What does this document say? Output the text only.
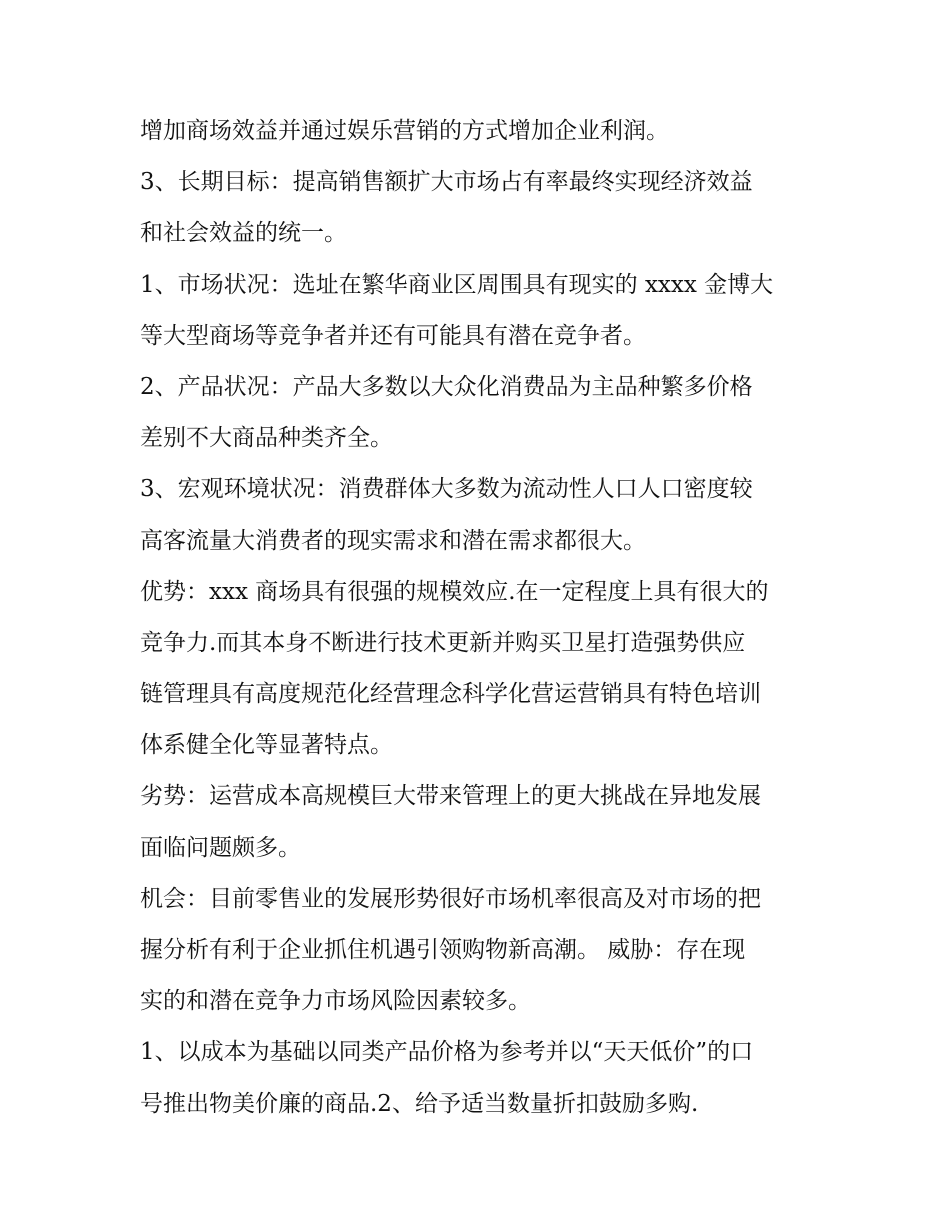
增加商场效益并通过娱乐营销的方式增加企业利润。
3、长期目标：提高销售额扩大市场占有率最终实现经济效益
和社会效益的统一。
1、市场状况：选址在繁华商业区周围具有现实的 xxxx 金博大
等大型商场等竞争者并还有可能具有潜在竞争者。
2、产品状况：产品大多数以大众化消费品为主品种繁多价格
差别不大商品种类齐全。
3、宏观环境状况：消费群体大多数为流动性人口人口密度较
高客流量大消费者的现实需求和潜在需求都很大。
优势：xxx 商场具有很强的规模效应.在一定程度上具有很大的
竞争力.而其本身不断进行技术更新并购买卫星打造强势供应
链管理具有高度规范化经营理念科学化营运营销具有特色培训
体系健全化等显著特点。
劣势：运营成本高规模巨大带来管理上的更大挑战在异地发展
面临问题颇多。
机会：目前零售业的发展形势很好市场机率很高及对市场的把
握分析有利于企业抓住机遇引领购物新高潮。 威胁：存在现
实的和潜在竞争力市场风险因素较多。
1、以成本为基础以同类产品价格为参考并以“天天低价”的口
号推出物美价廉的商品.2、给予适当数量折扣鼓励多购.
